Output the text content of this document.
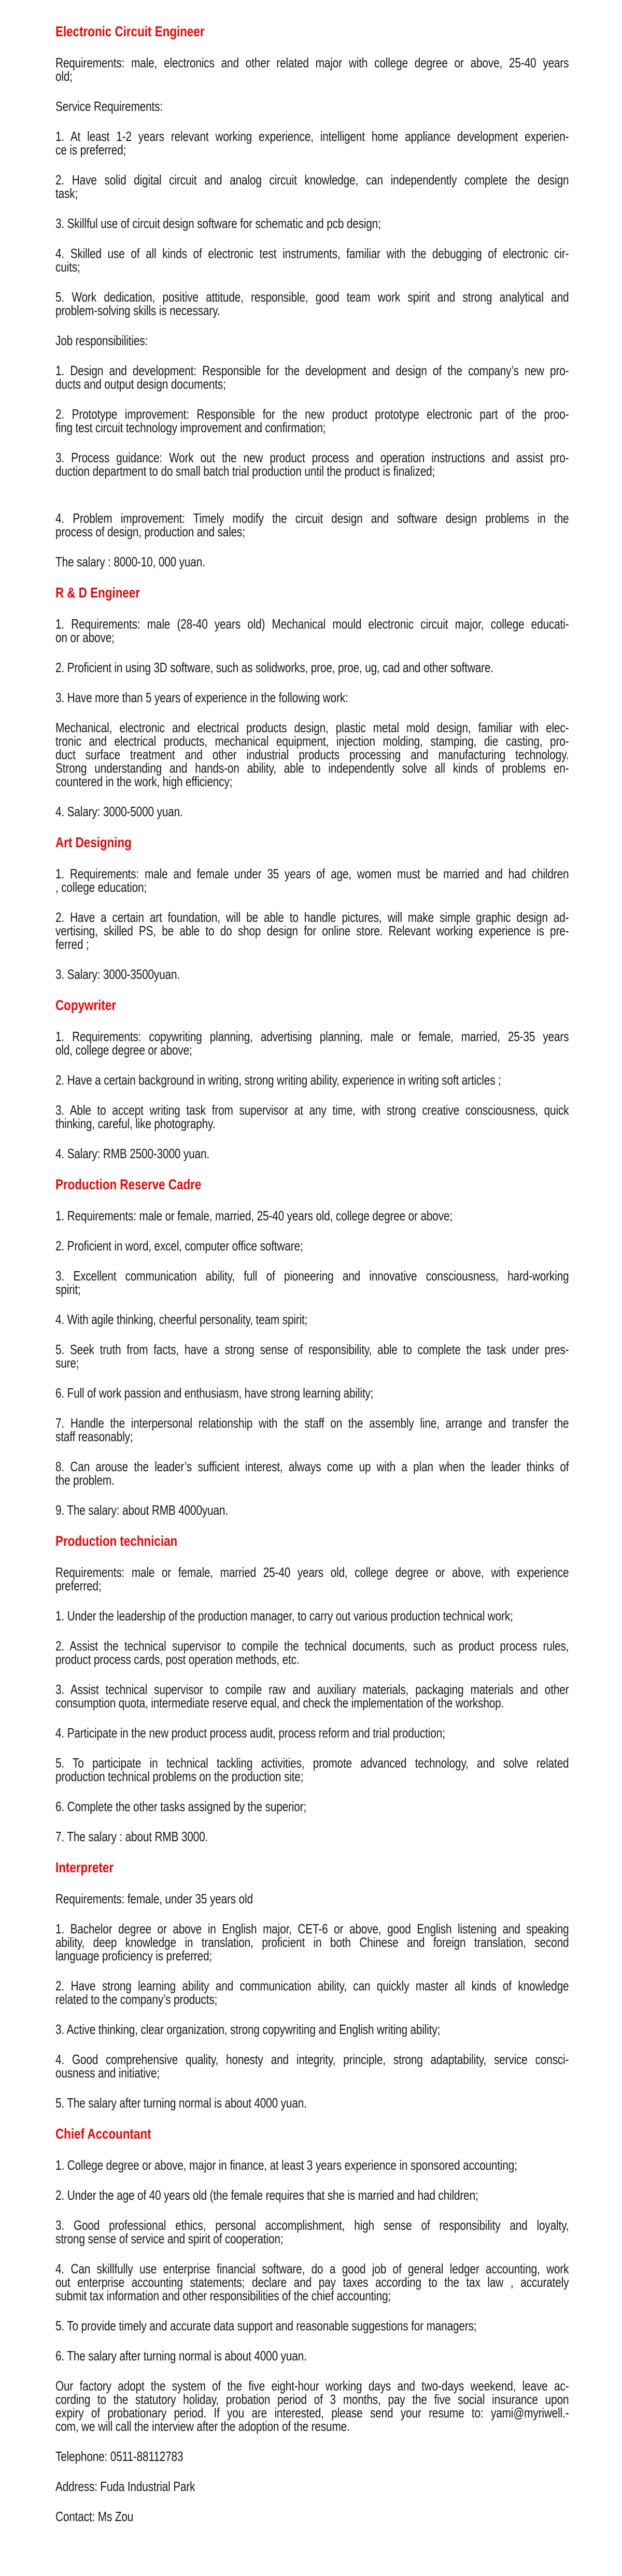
Electronic Circuit Engineer
Requirements: male, electronics and other related major with college degree or above, 25-40 years
old;
Service Requirements:
1. At least 1-2 years relevant working experience, intelligent home appliance development experien-
ce is preferred;
2. Have solid digital circuit and analog circuit knowledge, can independently complete the design
task;
3. Skillful use of circuit design software for schematic and pcb design;
4. Skilled use of all kinds of electronic test instruments, familiar with the debugging of electronic cir-
cuits;
5. Work dedication, positive attitude, responsible, good team work spirit and strong analytical and
problem-solving skills is necessary.
Job responsibilities:
1. Design and development: Responsible for the development and design of the company’s new pro-
ducts and output design documents;
2. Prototype improvement: Responsible for the new product prototype electronic part of the proo-
fing test circuit technology improvement and confirmation;
3. Process guidance: Work out the new product process and operation instructions and assist pro-
duction department to do small batch trial production until the product is finalized;
4. Problem improvement: Timely modify the circuit design and software design problems in the
process of design, production and sales;
The salary : 8000-10, 000 yuan.
R & D Engineer
1. Requirements: male (28-40 years old) Mechanical mould electronic circuit major, college educati-
on or above;
2. Proficient in using 3D software, such as solidworks, proe, proe, ug, cad and other software.
3. Have more than 5 years of experience in the following work:
Mechanical, electronic and electrical products design, plastic metal mold design, familiar with elec-
tronic and electrical products, mechanical equipment, injection molding, stamping, die casting, pro-
duct surface treatment and other industrial products processing and manufacturing technology.
Strong understanding and hands-on ability, able to independently solve all kinds of problems en-
countered in the work, high efficiency;
4. Salary: 3000-5000 yuan.
Art Designing
1. Requirements: male and female under 35 years of age, women must be married and had children
, college education;
2. Have a certain art foundation, will be able to handle pictures, will make simple graphic design ad-
vertising, skilled PS, be able to do shop design for online store. Relevant working experience is pre-
ferred ;
3. Salary: 3000-3500yuan.
Copywriter
1. Requirements: copywriting planning, advertising planning, male or female, married, 25-35 years
old, college degree or above;
2. Have a certain background in writing, strong writing ability, experience in writing soft articles ;
3. Able to accept writing task from supervisor at any time, with strong creative consciousness, quick
thinking, careful, like photography.
4. Salary: RMB 2500-3000 yuan.
Production Reserve Cadre
1. Requirements: male or female, married, 25-40 years old, college degree or above;
2. Proficient in word, excel, computer office software;
3. Excellent communication ability, full of pioneering and innovative consciousness, hard-working
spirit;
4. With agile thinking, cheerful personality, team spirit;
5. Seek truth from facts, have a strong sense of responsibility, able to complete the task under pres-
sure;
6. Full of work passion and enthusiasm, have strong learning ability;
7. Handle the interpersonal relationship with the staff on the assembly line, arrange and transfer the
staff reasonably;
8. Can arouse the leader’s sufficient interest, always come up with a plan when the leader thinks of
the problem.
9. The salary: about RMB 4000yuan.
Production technician
Requirements: male or female, married 25-40 years old, college degree or above, with experience
preferred;
1. Under the leadership of the production manager, to carry out various production technical work;
2. Assist the technical supervisor to compile the technical documents, such as product process rules,
product process cards, post operation methods, etc.
3. Assist technical supervisor to compile raw and auxiliary materials, packaging materials and other
consumption quota, intermediate reserve equal, and check the implementation of the workshop.
4. Participate in the new product process audit, process reform and trial production;
5. To participate in technical tackling activities, promote advanced technology, and solve related
production technical problems on the production site;
6. Complete the other tasks assigned by the superior;
7. The salary : about RMB 3000.
Interpreter
Requirements: female, under 35 years old
1. Bachelor degree or above in English major, CET-6 or above, good English listening and speaking
ability, deep knowledge in translation, proficient in both Chinese and foreign translation, second
language proficiency is preferred;
2. Have strong learning ability and communication ability, can quickly master all kinds of knowledge
related to the company’s products;
3. Active thinking, clear organization, strong copywriting and English writing ability;
4. Good comprehensive quality, honesty and integrity, principle, strong adaptability, service consci-
ousness and initiative;
5. The salary after turning normal is about 4000 yuan.
Chief Accountant
1. College degree or above, major in finance, at least 3 years experience in sponsored accounting;
2. Under the age of 40 years old (the female requires that she is married and had children;
3. Good professional ethics, personal accomplishment, high sense of responsibility and loyalty,
strong sense of service and spirit of cooperation;
4. Can skillfully use enterprise financial software, do a good job of general ledger accounting, work
out enterprise accounting statements; declare and pay taxes according to the tax law , accurately
submit tax information and other responsibilities of the chief accounting;
5. To provide timely and accurate data support and reasonable suggestions for managers;
6. The salary after turning normal is about 4000 yuan.
Our factory adopt the system of the five eight-hour working days and two-days weekend, leave ac-
cording to the statutory holiday, probation period of 3 months, pay the five social insurance upon
expiry of probationary period. If you are interested, please send your resume to: yami@myriwell.-
com, we will call the interview after the adoption of the resume.
Telephone: 0511-88112783
Address: Fuda Industrial Park
Contact: Ms Zou
